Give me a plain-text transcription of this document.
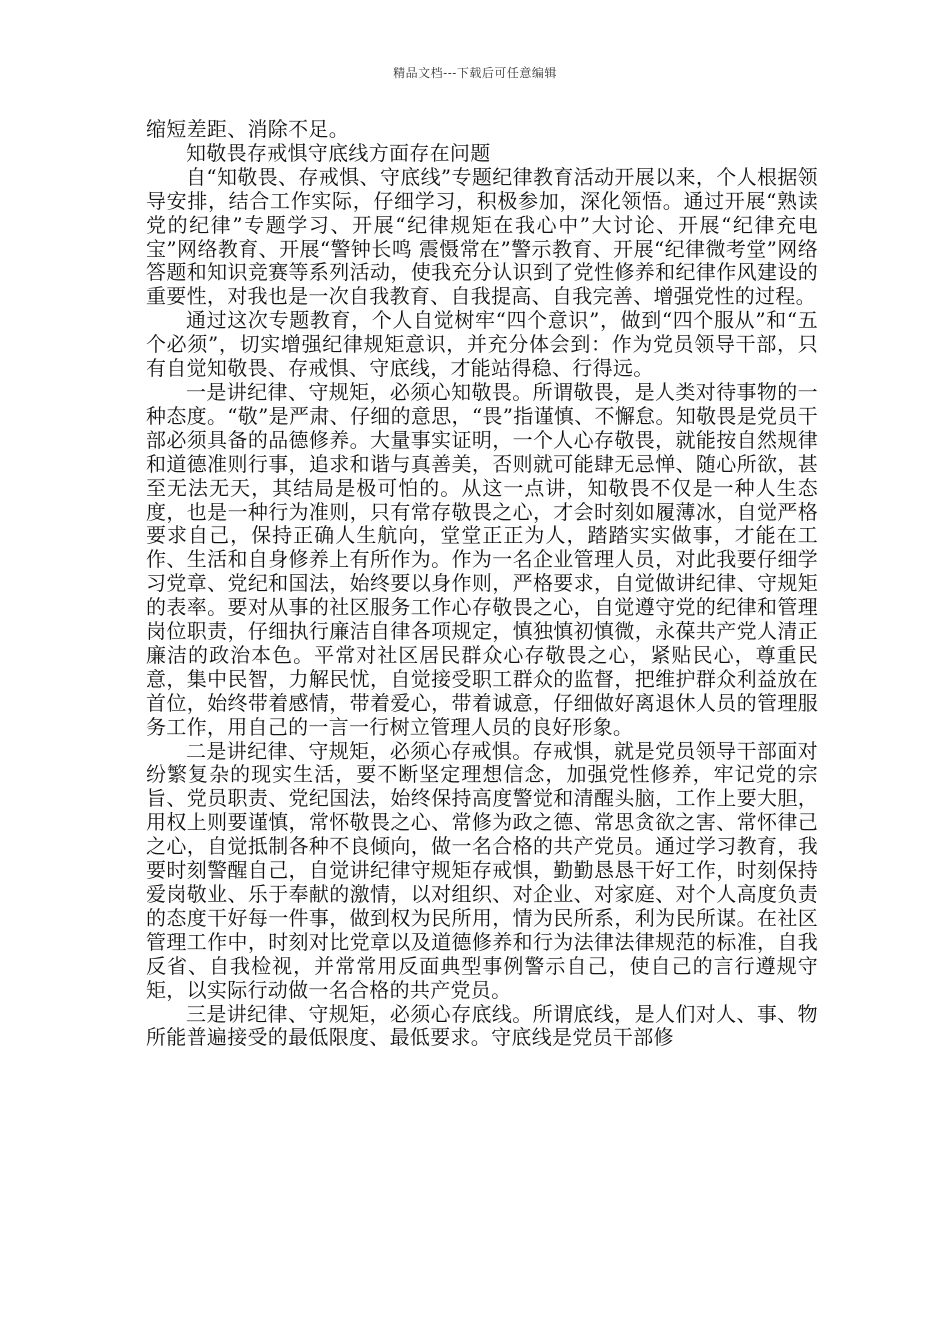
精品文档---下载后可任意编辑

缩短差距、消除不足。

知敬畏存戒惧守底线方面存在问题

自“知敬畏、存戒惧、守底线”专题纪律教育活动开展以来，个人根据领导安排，结合工作实际，仔细学习，积极参加，深化领悟。通过开展“熟读党的纪律”专题学习、开展“纪律规矩在我心中”大讨论、开展“纪律充电宝”网络教育、开展“警钟长鸣 震慑常在”警示教育、开展“纪律微考堂”网络答题和知识竞赛等系列活动，使我充分认识到了党性修养和纪律作风建设的重要性，对我也是一次自我教育、自我提高、自我完善、增强党性的过程。

通过这次专题教育，个人自觉树牢“四个意识”，做到“四个服从”和“五个必须”，切实增强纪律规矩意识，并充分体会到：作为党员领导干部，只有自觉知敬畏、存戒惧、守底线，才能站得稳、行得远。

一是讲纪律、守规矩，必须心知敬畏。所谓敬畏，是人类对待事物的一种态度。“敬”是严肃、仔细的意思，“畏”指谨慎、不懈怠。知敬畏是党员干部必须具备的品德修养。大量事实证明，一个人心存敬畏，就能按自然规律和道德准则行事，追求和谐与真善美，否则就可能肆无忌惮、随心所欲，甚至无法无天，其结局是极可怕的。从这一点讲，知敬畏不仅是一种人生态度，也是一种行为准则，只有常存敬畏之心，才会时刻如履薄冰，自觉严格要求自己，保持正确人生航向，堂堂正正为人，踏踏实实做事，才能在工作、生活和自身修养上有所作为。作为一名企业管理人员，对此我要仔细学习党章、党纪和国法，始终要以身作则，严格要求，自觉做讲纪律、守规矩的表率。要对从事的社区服务工作心存敬畏之心，自觉遵守党的纪律和管理岗位职责，仔细执行廉洁自律各项规定，慎独慎初慎微，永葆共产党人清正廉洁的政治本色。平常对社区居民群众心存敬畏之心，紧贴民心，尊重民意，集中民智，力解民忧，自觉接受职工群众的监督，把维护群众利益放在首位，始终带着感情，带着爱心，带着诚意，仔细做好离退休人员的管理服务工作，用自己的一言一行树立管理人员的良好形象。

二是讲纪律、守规矩，必须心存戒惧。存戒惧，就是党员领导干部面对纷繁复杂的现实生活，要不断坚定理想信念，加强党性修养，牢记党的宗旨、党员职责、党纪国法，始终保持高度警觉和清醒头脑，工作上要大胆，用权上则要谨慎，常怀敬畏之心、常修为政之德、常思贪欲之害、常怀律己之心，自觉抵制各种不良倾向，做一名合格的共产党员。通过学习教育，我要时刻警醒自己，自觉讲纪律守规矩存戒惧，勤勤恳恳干好工作，时刻保持爱岗敬业、乐于奉献的激情，以对组织、对企业、对家庭、对个人高度负责的态度干好每一件事，做到权为民所用，情为民所系，利为民所谋。在社区管理工作中，时刻对比党章以及道德修养和行为法律法律规范的标准，自我反省、自我检视，并常常用反面典型事例警示自己，使自己的言行遵规守矩，以实际行动做一名合格的共产党员。

三是讲纪律、守规矩，必须心存底线。所谓底线，是人们对人、事、物所能普遍接受的最低限度、最低要求。守底线是党员干部修
